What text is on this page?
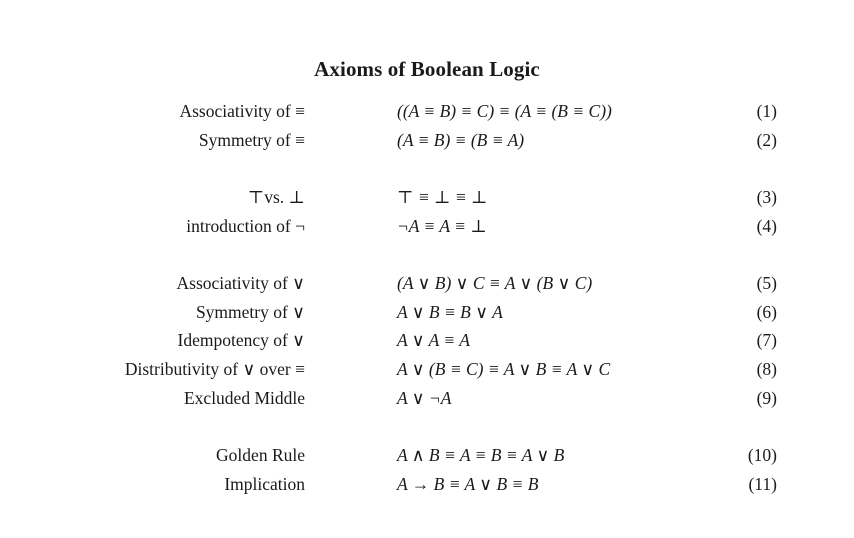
Axioms of Boolean Logic
Associativity of ≡	((A ≡ B) ≡ C) ≡ (A ≡ (B ≡ C))	(1)
Symmetry of ≡	(A ≡ B) ≡ (B ≡ A)	(2)
⊤vs. ⊥	⊤ ≡ ⊥ ≡ ⊥	(3)
introduction of ¬	¬A ≡ A ≡ ⊥	(4)
Associativity of ∨	(A ∨ B) ∨ C ≡ A ∨ (B ∨ C)	(5)
Symmetry of ∨	A ∨ B ≡ B ∨ A	(6)
Idempotency of ∨	A ∨ A ≡ A	(7)
Distributivity of ∨ over ≡	A ∨ (B ≡ C) ≡ A ∨ B ≡ A ∨ C	(8)
Excluded Middle	A ∨ ¬A	(9)
Golden Rule	A ∧ B ≡ A ≡ B ≡ A ∨ B	(10)
Implication	A → B ≡ A ∨ B ≡ B	(11)
